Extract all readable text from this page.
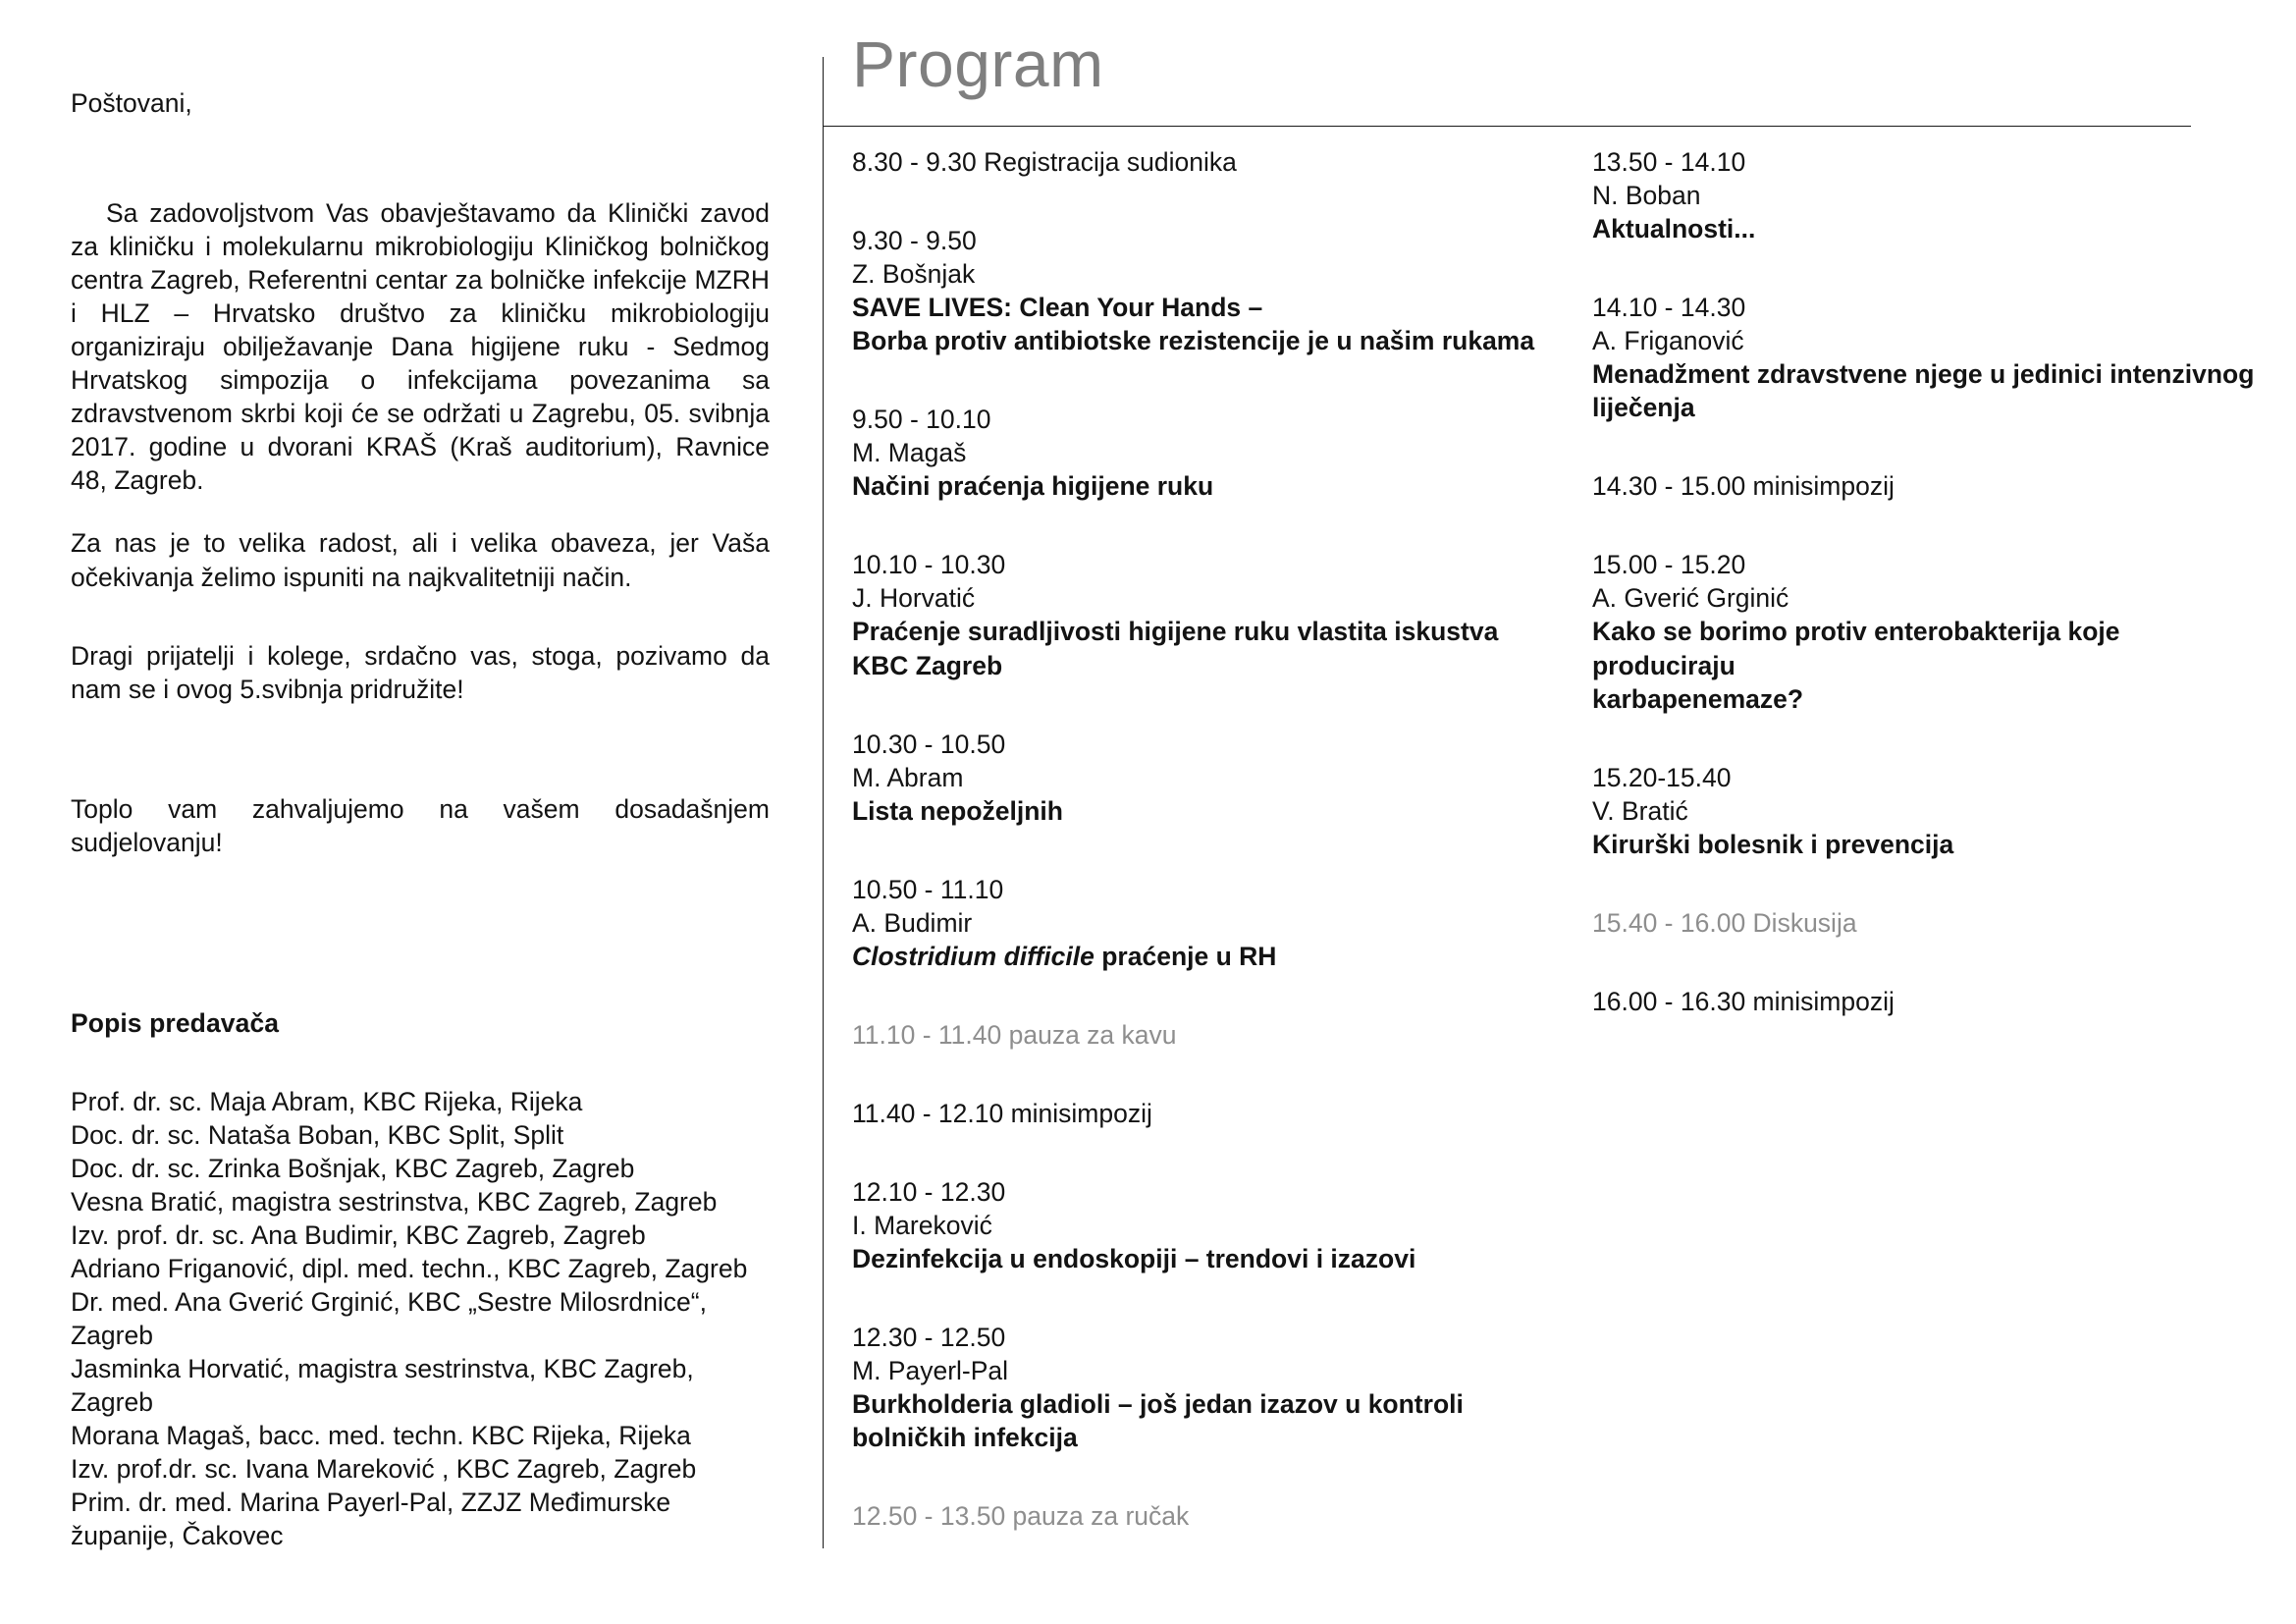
Poštovani,

Sa zadovoljstvom Vas obavještavamo da Klinički zavod za kliničku i molekularnu mikrobiologiju Kliničkog bolničkog centra Zagreb, Referentni centar za bolničke infekcije MZRH i HLZ – Hrvatsko društvo za kliničku mikrobiologiju organiziraju obilježavanje Dana higijene ruku - Sedmog Hrvatskog simpozija o infekcijama povezanima sa zdravstvenom skrbi koji će se održati u Zagrebu, 05. svibnja 2017. godine u dvorani KRAŠ (Kraš auditorium), Ravnice 48, Zagreb.

Za nas je to velika radost, ali i velika obaveza, jer Vaša očekivanja želimo ispuniti na najkvalitetniji način.

Dragi prijatelji i kolege, srdačno vas, stoga, pozivamo da nam se i ovog 5.svibnja pridružite!

Toplo vam zahvaljujemo na vašem dosadašnjem sudjelovanju!

Popis predavača

Prof. dr. sc. Maja Abram, KBC Rijeka, Rijeka
Doc. dr. sc. Nataša Boban, KBC Split, Split
Doc. dr. sc. Zrinka Bošnjak, KBC Zagreb, Zagreb
Vesna Bratić, magistra sestrinstva, KBC Zagreb, Zagreb
Izv. prof. dr. sc. Ana Budimir, KBC Zagreb, Zagreb
Adriano Friganović, dipl. med. techn., KBC Zagreb, Zagreb
Dr. med. Ana Gverić Grginić, KBC „Sestre Milosrdnice“, Zagreb
Jasminka Horvatić, magistra sestrinstva, KBC Zagreb, Zagreb
Morana Magaš, bacc. med. techn. KBC Rijeka, Rijeka
Izv. prof.dr. sc. Ivana Mareković , KBC Zagreb, Zagreb
Prim. dr. med. Marina Payerl-Pal, ZZJZ Međimurske županije, Čakovec
Program
8.30 - 9.30 Registracija sudionika
9.30 - 9.50
Z. Bošnjak
SAVE LIVES: Clean Your Hands –
Borba protiv antibiotske rezistencije je u našim rukama
9.50 - 10.10
M. Magaš
Načini praćenja higijene ruku
10.10 - 10.30
J. Horvatić
Praćenje suradljivosti higijene ruku vlastita iskustva
KBC Zagreb
10.30 - 10.50
M. Abram
Lista nepoželjnih
10.50 - 11.10
A. Budimir
Clostridium difficile praćenje u RH
11.10 - 11.40 pauza za kavu
11.40 - 12.10 minisimpozij
12.10 - 12.30
I. Mareković
Dezinfekcija u endoskopiji – trendovi i izazovi
12.30 - 12.50
M. Payerl-Pal
Burkholderia gladioli – još jedan izazov u kontroli
bolničkih infekcija
12.50 - 13.50 pauza za ručak
13.50 - 14.10
N. Boban
Aktualnosti...
14.10 - 14.30
A. Friganović
Menadžment zdravstvene njege u jedinici intenzivnog
liječenja
14.30 - 15.00 minisimpozij
15.00 - 15.20
A. Gverić Grginić
Kako se borimo protiv enterobakterija koje produciraju
karbapenemaze?
15.20-15.40
V. Bratić
Kirurški bolesnik i prevencija
15.40 - 16.00 Diskusija
16.00 - 16.30 minisimpozij
